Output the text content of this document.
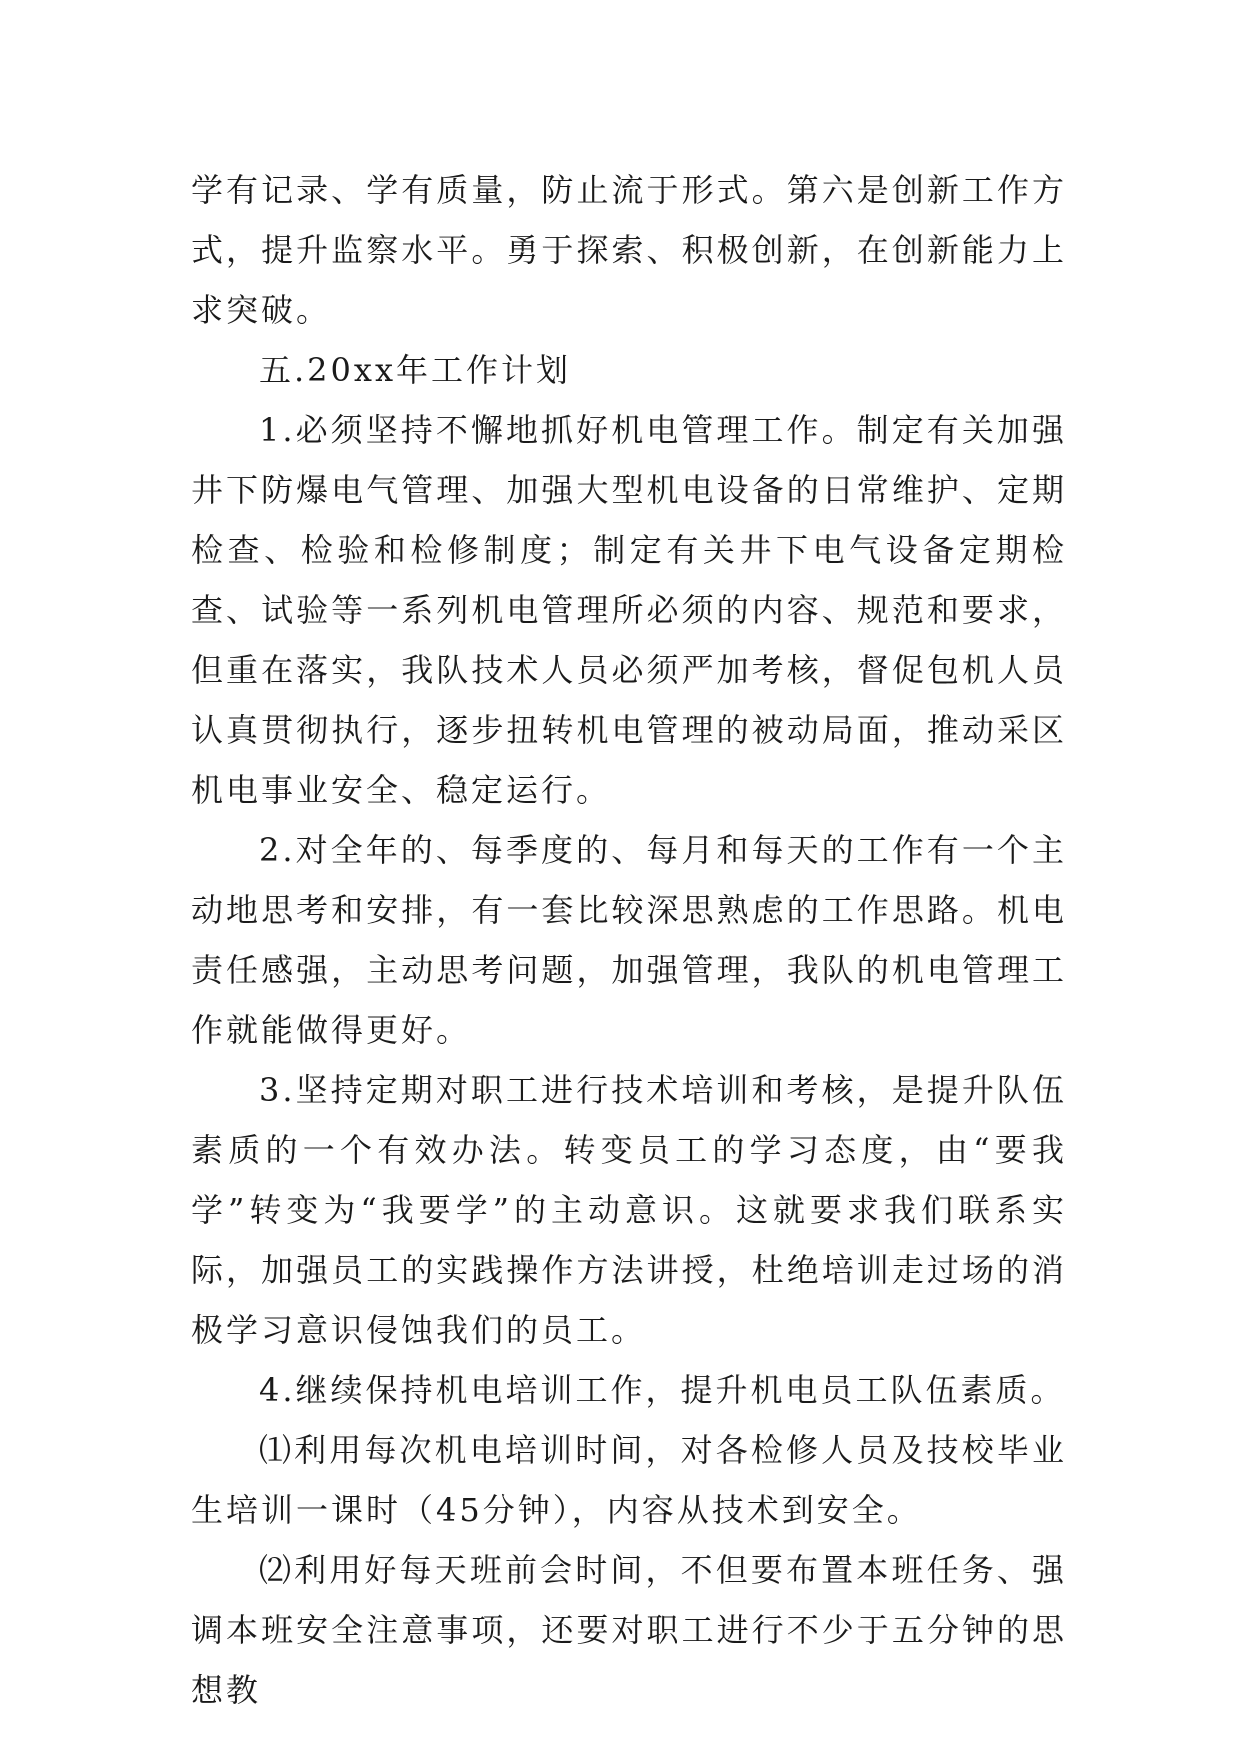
学有记录、学有质量，防止流于形式。第六是创新工作方式，提升监察水平。勇于探索、积极创新，在创新能力上求突破。

五.20xx年工作计划

1.必须坚持不懈地抓好机电管理工作。制定有关加强井下防爆电气管理、加强大型机电设备的日常维护、定期检查、检验和检修制度；制定有关井下电气设备定期检查、试验等一系列机电管理所必须的内容、规范和要求，但重在落实，我队技术人员必须严加考核，督促包机人员认真贯彻执行，逐步扭转机电管理的被动局面，推动采区机电事业安全、稳定运行。

2.对全年的、每季度的、每月和每天的工作有一个主动地思考和安排，有一套比较深思熟虑的工作思路。机电责任感强，主动思考问题，加强管理，我队的机电管理工作就能做得更好。

3.坚持定期对职工进行技术培训和考核，是提升队伍素质的一个有效办法。转变员工的学习态度，由“要我学”转变为“我要学”的主动意识。这就要求我们联系实际，加强员工的实践操作方法讲授，杜绝培训走过场的消极学习意识侵蚀我们的员工。

4.继续保持机电培训工作，提升机电员工队伍素质。

⑴利用每次机电培训时间，对各检修人员及技校毕业生培训一课时（45分钟），内容从技术到安全。

⑵利用好每天班前会时间，不但要布置本班任务、强调本班安全注意事项，还要对职工进行不少于五分钟的思想教
